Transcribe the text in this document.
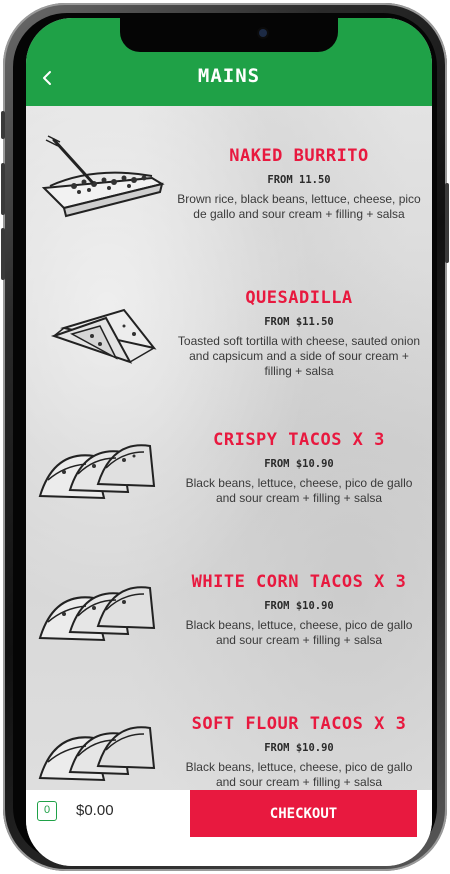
MAINS
NAKED BURRITO
FROM 11.50
Brown rice, black beans, lettuce, cheese, pico de gallo and sour cream + filling + salsa
QUESADILLA
FROM $11.50
Toasted soft tortilla with cheese, sauted onion and capsicum and a side of sour cream + filling + salsa
CRISPY TACOS X 3
FROM $10.90
Black beans, lettuce, cheese, pico de gallo and sour cream + filling + salsa
WHITE CORN TACOS X 3
FROM $10.90
Black beans, lettuce, cheese, pico de gallo and sour cream + filling + salsa
SOFT FLOUR TACOS X 3
FROM $10.90
Black beans, lettuce, cheese, pico de gallo and sour cream + filling + salsa
0	$0.00	CHECKOUT
